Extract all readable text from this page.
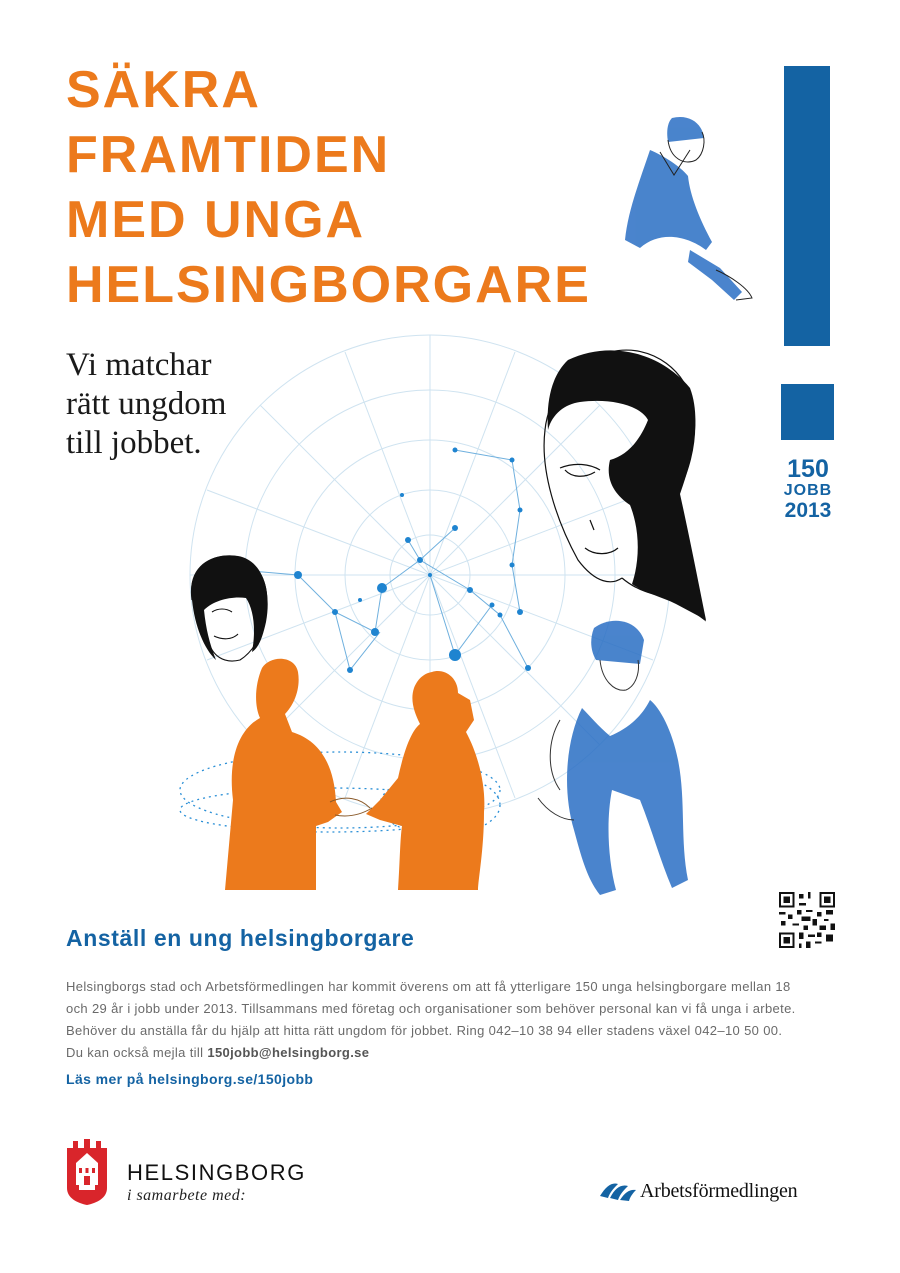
SÄKRA
FRAMTIDEN
MED UNGA
HELSINGBORGARE
150
JOBB
2013
Vi matchar
rätt ungdom
till jobbet.
Anställ en ung helsingborgare

Helsingborgs stad och Arbetsförmedlingen har kommit överens om att få ytterligare 150 unga helsingborgare mellan 18 och 29 år i jobb under 2013. Tillsammans med företag och organisationer som behöver personal kan vi få unga i arbete. Behöver du anställa får du hjälp att hitta rätt ungdom för jobbet. Ring 042–10 38 94 eller stadens växel 042–10 50 00. Du kan också mejla till 150jobb@helsingborg.se

Läs mer på helsingborg.se/150jobb
HELSINGBORG
i samarbete med:	Arbetsförmedlingen
